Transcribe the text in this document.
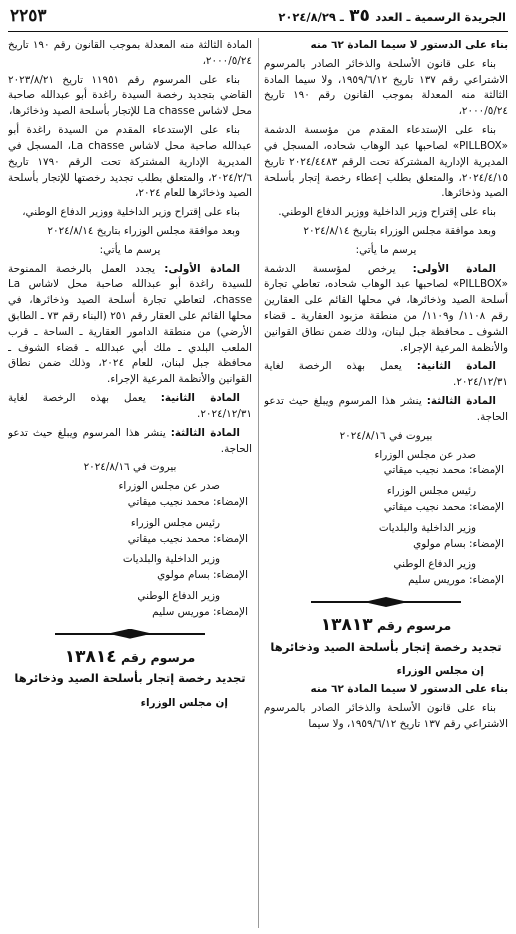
الجريدة الرسمية ـ العدد ٣٥ ـ ٢٠٢٤/٨/٢٩
٢٢٥٣

بناء على الدستور لا سيما المادة ٦٢ منه

بناء على قانون الأسلحة والذخائر الصادر بالمرسوم الاشتراعي رقم ١٣٧ تاريخ ١٩٥٩/٦/١٢، ولا سيما المادة الثالثة منه المعدلة بموجب القانون رقم ١٩٠ تاريخ ٢٠٠٠/٥/٢٤،

بناء على الإستدعاء المقدم من مؤسسة الدشمة «PILLBOX» لصاحبها عبد الوهاب شحاده، المسجل في المديرية الإدارية المشتركة تحت الرقم ٢٠٢٤/٤٤٨٣ تاريخ ٢٠٢٤/٤/١٥، والمتعلق بطلب إعطاء رخصة إتجار بأسلحة الصيد وذخائرها.

بناء على إقتراح وزير الداخلية ووزير الدفاع الوطني.

وبعد موافقة مجلس الوزراء بتاريخ ٢٠٢٤/٨/١٤

يرسم ما يأتي:

المادة الأولى: يرخص لمؤسسة الدشمة «PILLBOX» لصاحبها عبد الوهاب شحاده، تعاطي تجارة أسلحة الصيد وذخائرها، في محلها القائم على العقارين رقم ١١٠٨/ و١١٠٩/ من منطقة مزبود العقارية ـ قضاء الشوف ـ محافظة جبل لبنان، وذلك ضمن نطاق القوانين والأنظمة المرعية الإجراء.

المادة الثانية: يعمل بهذه الرخصة لغاية ٢٠٢٤/١٢/٣١.

المادة الثالثة: ينشر هذا المرسوم ويبلغ حيث تدعو الحاجة.

بيروت في ٢٠٢٤/٨/١٦

صدر عن مجلس الوزراء
الإمضاء: محمد نجيب ميقاتي
رئيس مجلس الوزراء
الإمضاء: محمد نجيب ميقاتي
وزير الداخلية والبلديات
الإمضاء: بسام مولوي
وزير الدفاع الوطني
الإمضاء: موريس سليم
مرسوم رقم ١٣٨١٣
تجديد رخصة إتجار بأسلحة الصيد وذخائرها
إن مجلس الوزراء

بناء على الدستور لا سيما المادة ٦٢ منه

بناء على قانون الأسلحة والذخائر الصادر بالمرسوم الاشتراعي رقم ١٣٧ تاريخ ١٩٥٩/٦/١٢، ولا سيما

المادة الثالثة منه المعدلة بموجب القانون رقم ١٩٠ تاريخ ٢٠٠٠/٥/٢٤،

بناء على المرسوم رقم ١١٩٥١ تاريخ ٢٠٢٣/٨/٢١ القاضي بتجديد رخصة السيدة راغدة أبو عبدالله صاحبة محل لاشاس La chasse للإتجار بأسلحة الصيد وذخائرها،

بناء على الإستدعاء المقدم من السيدة راغدة أبو عبدالله صاحبة محل لاشاس La chasse، المسجل في المديرية الإدارية المشتركة تحت الرقم ١٧٩٠ تاريخ ٢٠٢٤/٢/٦، والمتعلق بطلب تجديد رخصتها للإتجار بأسلحة الصيد وذخائرها للعام ٢٠٢٤،

بناء على إقتراح وزير الداخلية ووزير الدفاع الوطني،

وبعد موافقة مجلس الوزراء بتاريخ ٢٠٢٤/٨/١٤

يرسم ما يأتي:

المادة الأولى: يجدد العمل بالرخصة الممنوحة للسيدة راغدة أبو عبدالله صاحبة محل لاشاس La chasse، لتعاطي تجارة أسلحة الصيد وذخائرها، في محلها القائم على العقار رقم ٢٥١ (البناء رقم ٧٣ ـ الطابق الأرضي) من منطقة الدامور العقارية ـ الساحة ـ قرب الملعب البلدي ـ ملك أبي عبدالله ـ قضاء الشوف ـ محافظة جبل لبنان، للعام ٢٠٢٤، وذلك ضمن نطاق القوانين والأنظمة المرعية الإجراء.

المادة الثانية: يعمل بهذه الرخصة لغاية ٢٠٢٤/١٢/٣١.

المادة الثالثة: ينشر هذا المرسوم ويبلغ حيث تدعو الحاجة.

بيروت في ٢٠٢٤/٨/١٦

صدر عن مجلس الوزراء
الإمضاء: محمد نجيب ميقاتي
رئيس مجلس الوزراء
الإمضاء: محمد نجيب ميقاتي
وزير الداخلية والبلديات
الإمضاء: بسام مولوي
وزير الدفاع الوطني
الإمضاء: موريس سليم
مرسوم رقم ١٣٨١٤
تجديد رخصة إتجار بأسلحة الصيد وذخائرها
إن مجلس الوزراء
